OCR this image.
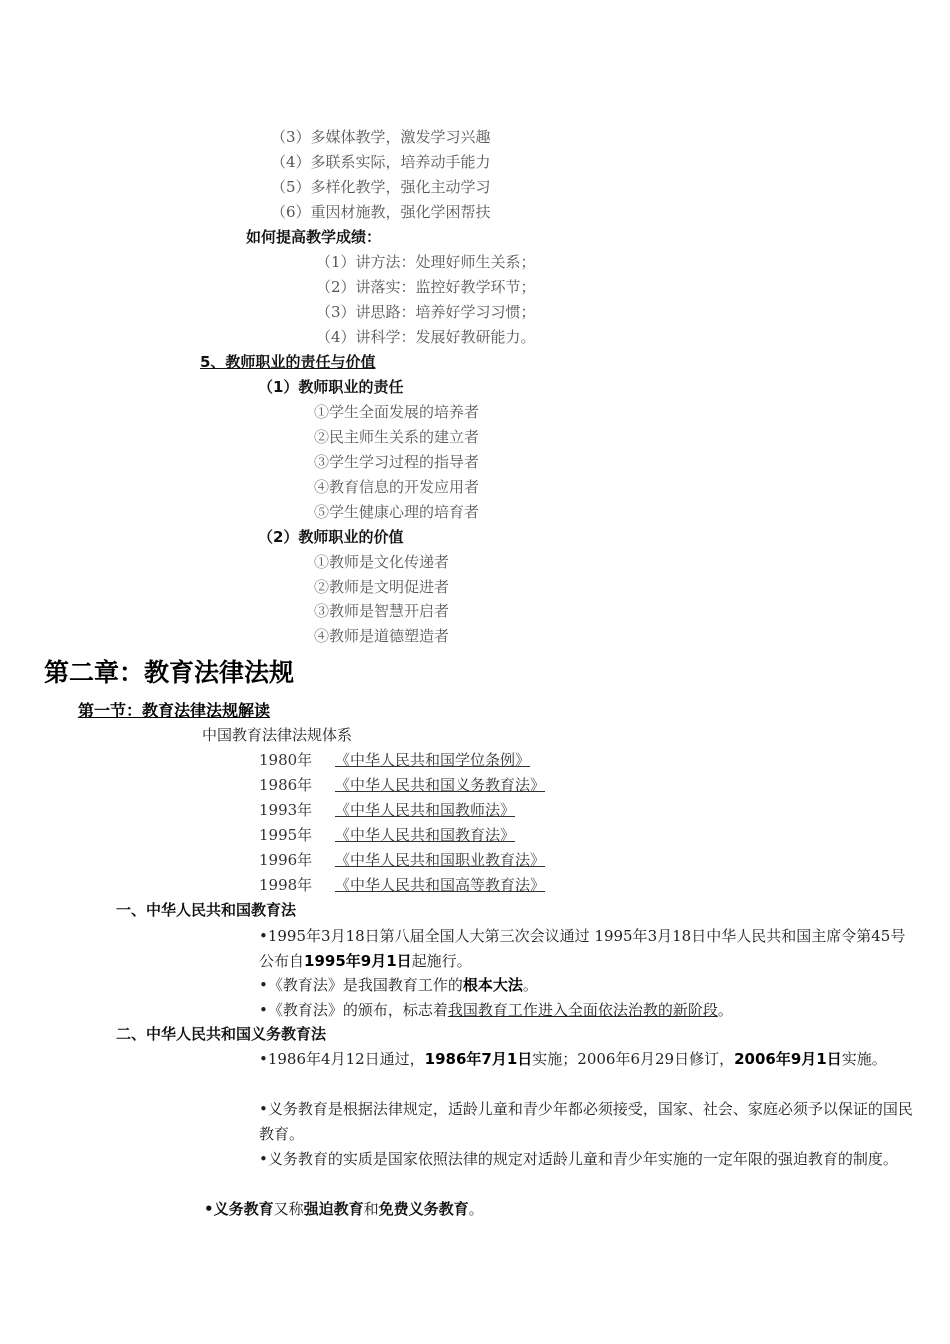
（3）多媒体教学，激发学习兴趣
（4）多联系实际，培养动手能力
（5）多样化教学，强化主动学习
（6）重因材施教，强化学困帮扶
如何提高教学成绩：
（1）讲方法：处理好师生关系；
（2）讲落实：监控好教学环节；
（3）讲思路：培养好学习习惯；
（4）讲科学：发展好教研能力。
5、教师职业的责任与价值
（1）教师职业的责任
①学生全面发展的培养者
②民主师生关系的建立者
③学生学习过程的指导者
④教育信息的开发应用者
⑤学生健康心理的培育者
（2）教师职业的价值
①教师是文化传递者
②教师是文明促进者
③教师是智慧开启者
④教师是道德塑造者
第二章：教育法律法规
第一节：教育法律法规解读
中国教育法律法规体系
1980年 《中华人民共和国学位条例》
1986年 《中华人民共和国义务教育法》
1993年 《中华人民共和国教师法》
1995年 《中华人民共和国教育法》
1996年 《中华人民共和国职业教育法》
1998年 《中华人民共和国高等教育法》
一、中华人民共和国教育法
•1995年3月18日第八届全国人大第三次会议通过 1995年3月18日中华人民共和国主席令第45号公布自1995年9月1日起施行。
•《教育法》是我国教育工作的根本大法。
•《教育法》的颁布，标志着我国教育工作进入全面依法治教的新阶段。
二、中华人民共和国义务教育法
•1986年4月12日通过，1986年7月1日实施；2006年6月29日修订，2006年9月1日实施。
•义务教育是根据法律规定，适龄儿童和青少年都必须接受，国家、社会、家庭必须予以保证的国民教育。
•义务教育的实质是国家依照法律的规定对适龄儿童和青少年实施的一定年限的强迫教育的制度。
•义务教育又称强迫教育和免费义务教育。
